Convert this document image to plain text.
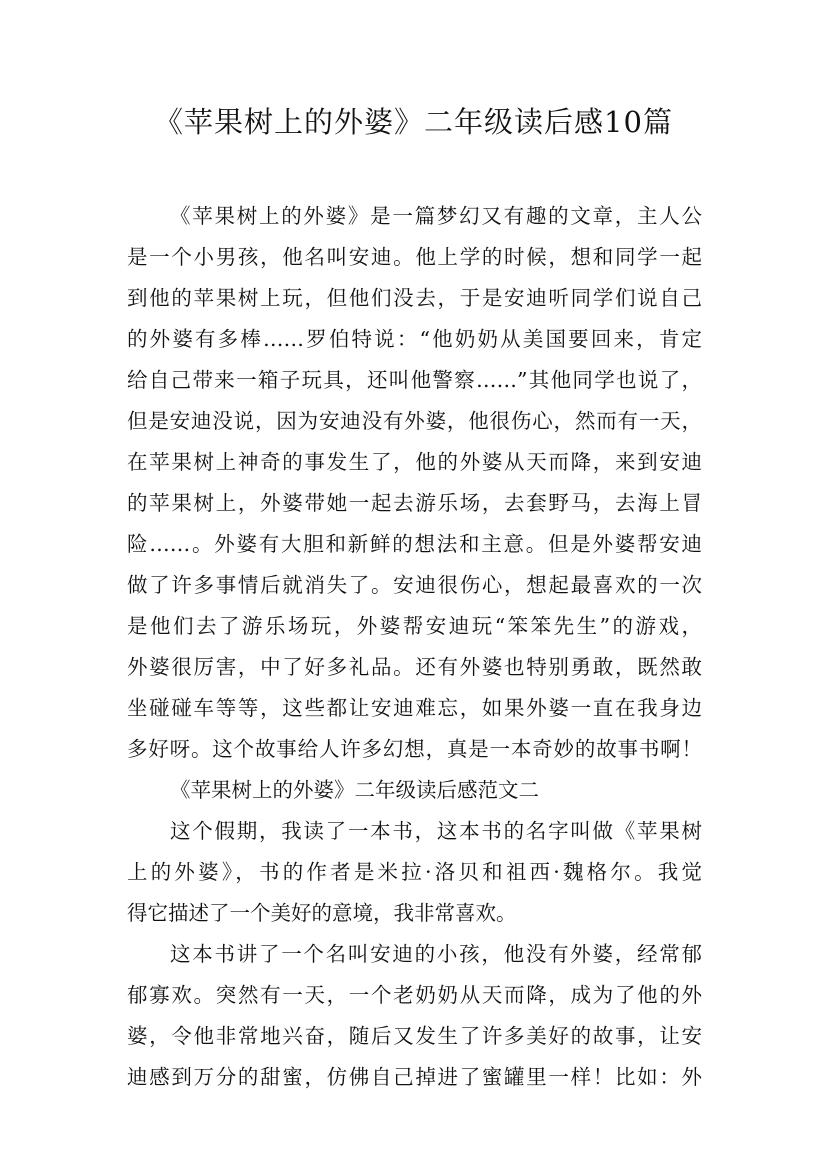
《苹果树上的外婆》二年级读后感10篇
《苹果树上的外婆》是一篇梦幻又有趣的文章，主人公
是一个小男孩，他名叫安迪。他上学的时候，想和同学一起
到他的苹果树上玩，但他们没去，于是安迪听同学们说自己
的外婆有多棒……罗伯特说：“他奶奶从美国要回来，肯定
给自己带来一箱子玩具，还叫他警察……”其他同学也说了，
但是安迪没说，因为安迪没有外婆，他很伤心，然而有一天，
在苹果树上神奇的事发生了，他的外婆从天而降，来到安迪
的苹果树上，外婆带她一起去游乐场，去套野马，去海上冒
险……。外婆有大胆和新鲜的想法和主意。但是外婆帮安迪
做了许多事情后就消失了。安迪很伤心，想起最喜欢的一次
是他们去了游乐场玩，外婆帮安迪玩“笨笨先生”的游戏，
外婆很厉害，中了好多礼品。还有外婆也特别勇敢，既然敢
坐碰碰车等等，这些都让安迪难忘，如果外婆一直在我身边
多好呀。这个故事给人许多幻想，真是一本奇妙的故事书啊！
《苹果树上的外婆》二年级读后感范文二
这个假期，我读了一本书，这本书的名字叫做《苹果树
上的外婆》，书的作者是米拉·洛贝和祖西·魏格尔。我觉
得它描述了一个美好的意境，我非常喜欢。
这本书讲了一个名叫安迪的小孩，他没有外婆，经常郁
郁寡欢。突然有一天，一个老奶奶从天而降，成为了他的外
婆，令他非常地兴奋，随后又发生了许多美好的故事，让安
迪感到万分的甜蜜，仿佛自己掉进了蜜罐里一样！比如：外
